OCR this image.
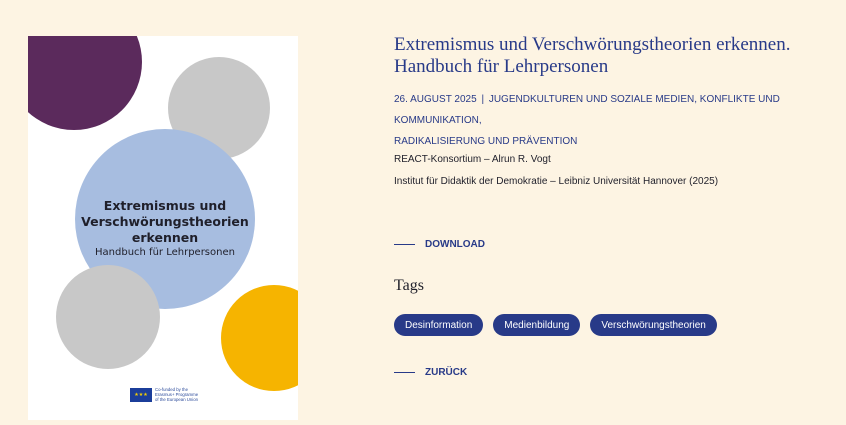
Extremismus und
Verschwörungstheorien
erkennen
Handbuch für Lehrpersonen
★★★
Co-funded by the
Erasmus+ Programme
of the European Union
Extremismus und Verschwörungstheorien erkennen.
Handbuch für Lehrpersonen
26. AUGUST 2025 | JUGENDKULTUREN UND SOZIALE MEDIEN, KONFLIKTE UND KOMMUNIKATION,
RADIKALISIERUNG UND PRÄVENTION
REACT-Konsortium – Alrun R. Vogt
Institut für Didaktik der Demokratie – Leibniz Universität Hannover (2025)
DOWNLOAD
Tags
Desinformation	Medienbildung	Verschwörungstheorien
ZURÜCK
